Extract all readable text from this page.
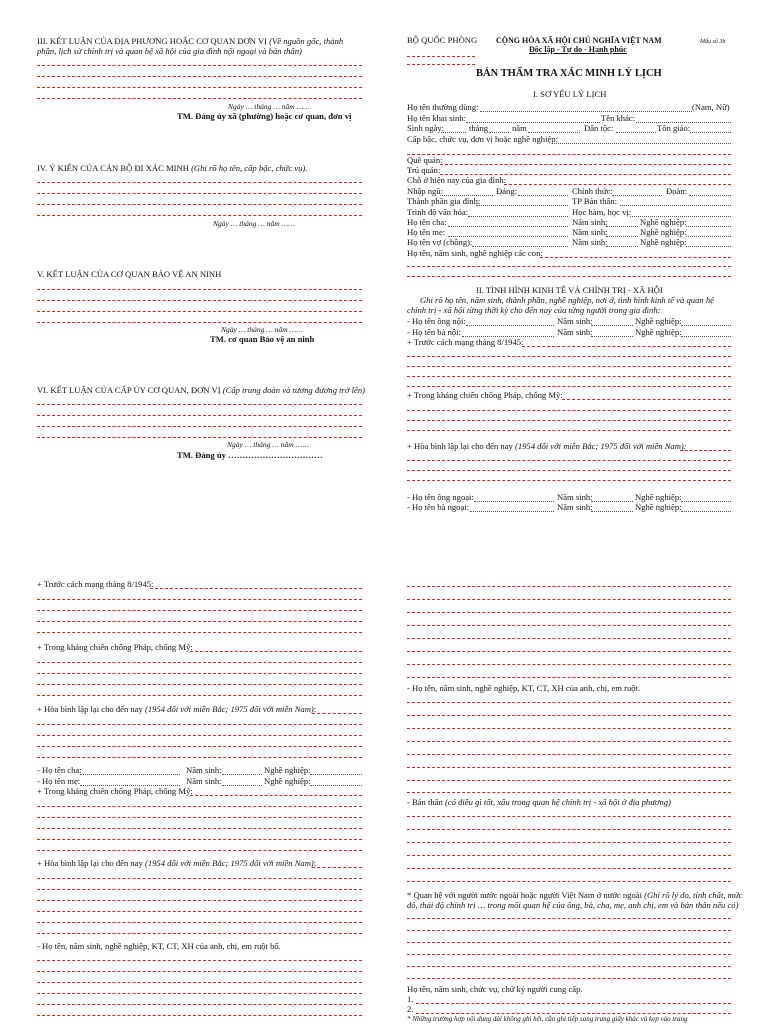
III. KẾT LUẬN CỦA ĐỊA PHƯƠNG HOẶC CƠ QUAN ĐƠN VỊ (Về nguồn gốc, thành
phần, lịch sử chính trị và quan hệ xã hội của gia đình nội ngoại và bản thân)
Ngày … tháng … năm ……
TM. Đảng ủy xã (phường) hoặc cơ quan, đơn vị
IV. Ý KIẾN CỦA CÁN BỘ ĐI XÁC MINH (Ghi rõ họ tên, cấp bậc, chức vụ).
Ngày … tháng … năm ……
V. KẾT LUẬN CỦA CƠ QUAN BẢO VỆ AN NINH
Ngày … tháng … năm ……
TM. cơ quan Bảo vệ an ninh
VI. KẾT LUẬN CỦA CẤP ỦY CƠ QUAN, ĐƠN VỊ (Cấp trung đoàn và tương đương trở lên)
Ngày … tháng … năm ……
TM. Đảng ủy ……………………………
+ Trước cách mạng tháng 8/1945:
+ Trong kháng chiến chống Pháp, chống Mỹ:
+ Hòa bình lập lại cho đến nay (1954 đối với miền Bắc; 1975 đối với miền Nam):
- Họ tên cha:	Năm sinh:	Nghề nghiệp:
- Họ tên mẹ:	Năm sinh:	Nghề nghiệp:
+ Trong kháng chiến chống Pháp, chống Mỹ:
+ Hòa bình lập lại cho đến nay (1954 đối với miền Bắc; 1975 đối với miền Nam):
- Họ tên, năm sinh, nghề nghiệp, KT, CT, XH của anh, chị, em ruột bố.
BỘ QUỐC PHÒNG CỘNG HÒA XÃ HỘI CHỦ NGHĨA VIỆT NAM
Độc lập - Tự do - Hạnh phúc
Mẫu số 3b
BẢN THẨM TRA XÁC MINH LÝ LỊCH
I. SƠ YẾU LÝ LỊCH
Họ tên thường dùng:	(Nam, Nữ)
Họ tên khai sinh:	Tên khác:
Sinh ngày:	tháng	năm	Dân tộc:	Tôn giáo:
Cấp bậc, chức vụ, đơn vị hoặc nghề nghiệp:
Quê quán:
Trú quán:
Chỗ ở hiện nay của gia đình:
Nhập ngũ:	Đảng:	Chính thức:	Đoàn:
Thành phần gia đình:	TP Bản thân:
Trình độ văn hóa:	Học hàm, học vị:
Họ tên cha:	Năm sinh:	Nghề nghiệp:
Họ tên mẹ:	Năm sinh:	Nghề nghiệp:
Họ tên vợ (chồng):	Năm sinh:	Nghề nghiệp:
Họ tên, năm sinh, nghề nghiệp các con:
II. TÌNH HÌNH KINH TẾ VÀ CHÍNH TRỊ - XÃ HỘI
Ghi rõ họ tên, năm sinh, thành phần, nghề nghiệp, nơi ở, tình hình kinh tế và quan hệ
chính trị - xã hội từng thời kỳ cho đến nay của từng người trong gia đình:
- Họ tên ông nội:	Năm sinh:	Nghề nghiệp:
- Họ tên bà nội:	Năm sinh:	Nghề nghiệp:
+ Trước cách mạng tháng 8/1945:
+ Trong kháng chiến chống Pháp, chống Mỹ:
+ Hòa bình lập lại cho đến nay (1954 đối với miền Bắc; 1975 đối với miền Nam):
- Họ tên ông ngoại:	Năm sinh:	Nghề nghiệp:
- Họ tên bà ngoại:	Năm sinh:	Nghề nghiệp:
- Họ tên, năm sinh, nghề nghiệp, KT, CT, XH của anh, chị, em ruột.
- Bản thân (có điều gì tốt, xấu trong quan hệ chính trị - xã hội ở địa phương)
* Quan hệ với người nước ngoài hoặc người Việt Nam ở nước ngoài (Ghi rõ lý do, tính chất, mức
độ, thái độ chính trị … trong mối quan hệ của ông, bà, cha, mẹ, anh chị, em và bản thân nếu có)
Họ tên, năm sinh, chức vụ, chữ ký người cung cấp.
1.
2.
* Những trường hợp nội dung dài không ghi hết, cần ghi tiếp sang trang giấy khác và kẹp vào trang
